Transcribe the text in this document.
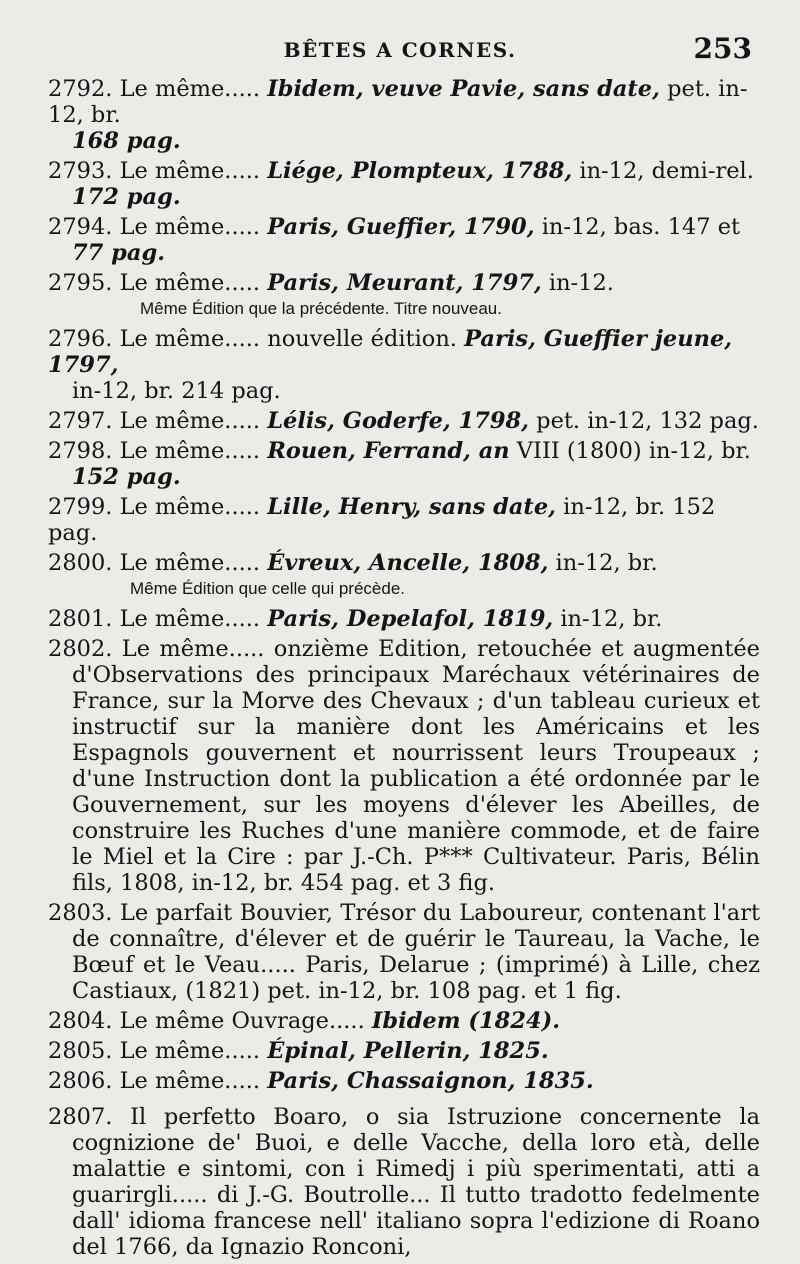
BÊTES A CORNES.	253
2792. Le même..... Ibidem, veuve Pavie, sans date, pet. in-12, br.
168 pag.
2793. Le même..... Liége, Plompteux, 1788, in-12, demi-rel.
172 pag.
2794. Le même..... Paris, Gueffier, 1790, in-12, bas. 147 et
77 pag.
2795. Le même..... Paris, Meurant, 1797, in-12.
Même Édition que la précédente. Titre nouveau.
2796. Le même..... nouvelle édition. Paris, Gueffier jeune, 1797,
in-12, br. 214 pag.
2797. Le même..... Lélis, Goderfe, 1798, pet. in-12, 132 pag.
2798. Le même..... Rouen, Ferrand, an VIII (1800) in-12, br.
152 pag.
2799. Le même..... Lille, Henry, sans date, in-12, br. 152 pag.
2800. Le même..... Évreux, Ancelle, 1808, in-12, br.
Même Édition que celle qui précède.
2801. Le même..... Paris, Depelafol, 1819, in-12, br.
2802. Le même..... onzième Edition, retouchée et augmentée d'Observations des principaux Maréchaux vétérinaires de France, sur la Morve des Chevaux ; d'un tableau curieux et instructif sur la manière dont les Américains et les Espagnols gouvernent et nourrissent leurs Troupeaux ; d'une Instruction dont la publication a été ordonnée par le Gouvernement, sur les moyens d'élever les Abeilles, de construire les Ruches d'une manière commode, et de faire le Miel et la Cire : par J.-Ch. P*** Cultivateur. Paris, Bélin fils, 1808, in-12, br. 454 pag. et 3 fig.
2803. Le parfait Bouvier, Trésor du Laboureur, contenant l'art de connaître, d'élever et de guérir le Taureau, la Vache, le Bœuf et le Veau..... Paris, Delarue ; (imprimé) à Lille, chez Castiaux, (1821) pet. in-12, br. 108 pag. et 1 fig.
2804. Le même Ouvrage..... Ibidem (1824).
2805. Le même..... Épinal, Pellerin, 1825.
2806. Le même..... Paris, Chassaignon, 1835.
2807. Il perfetto Boaro, o sia Istruzione concernente la cognizione de' Buoi, e delle Vacche, della loro età, delle malattie e sintomi, con i Rimedj i più sperimentati, atti a guarirgli..... di J.-G. Boutrolle... Il tutto tradotto fedelmente dall' idioma francese nell' italiano sopra l'edizione di Roano del 1766, da Ignazio Ronconi,
